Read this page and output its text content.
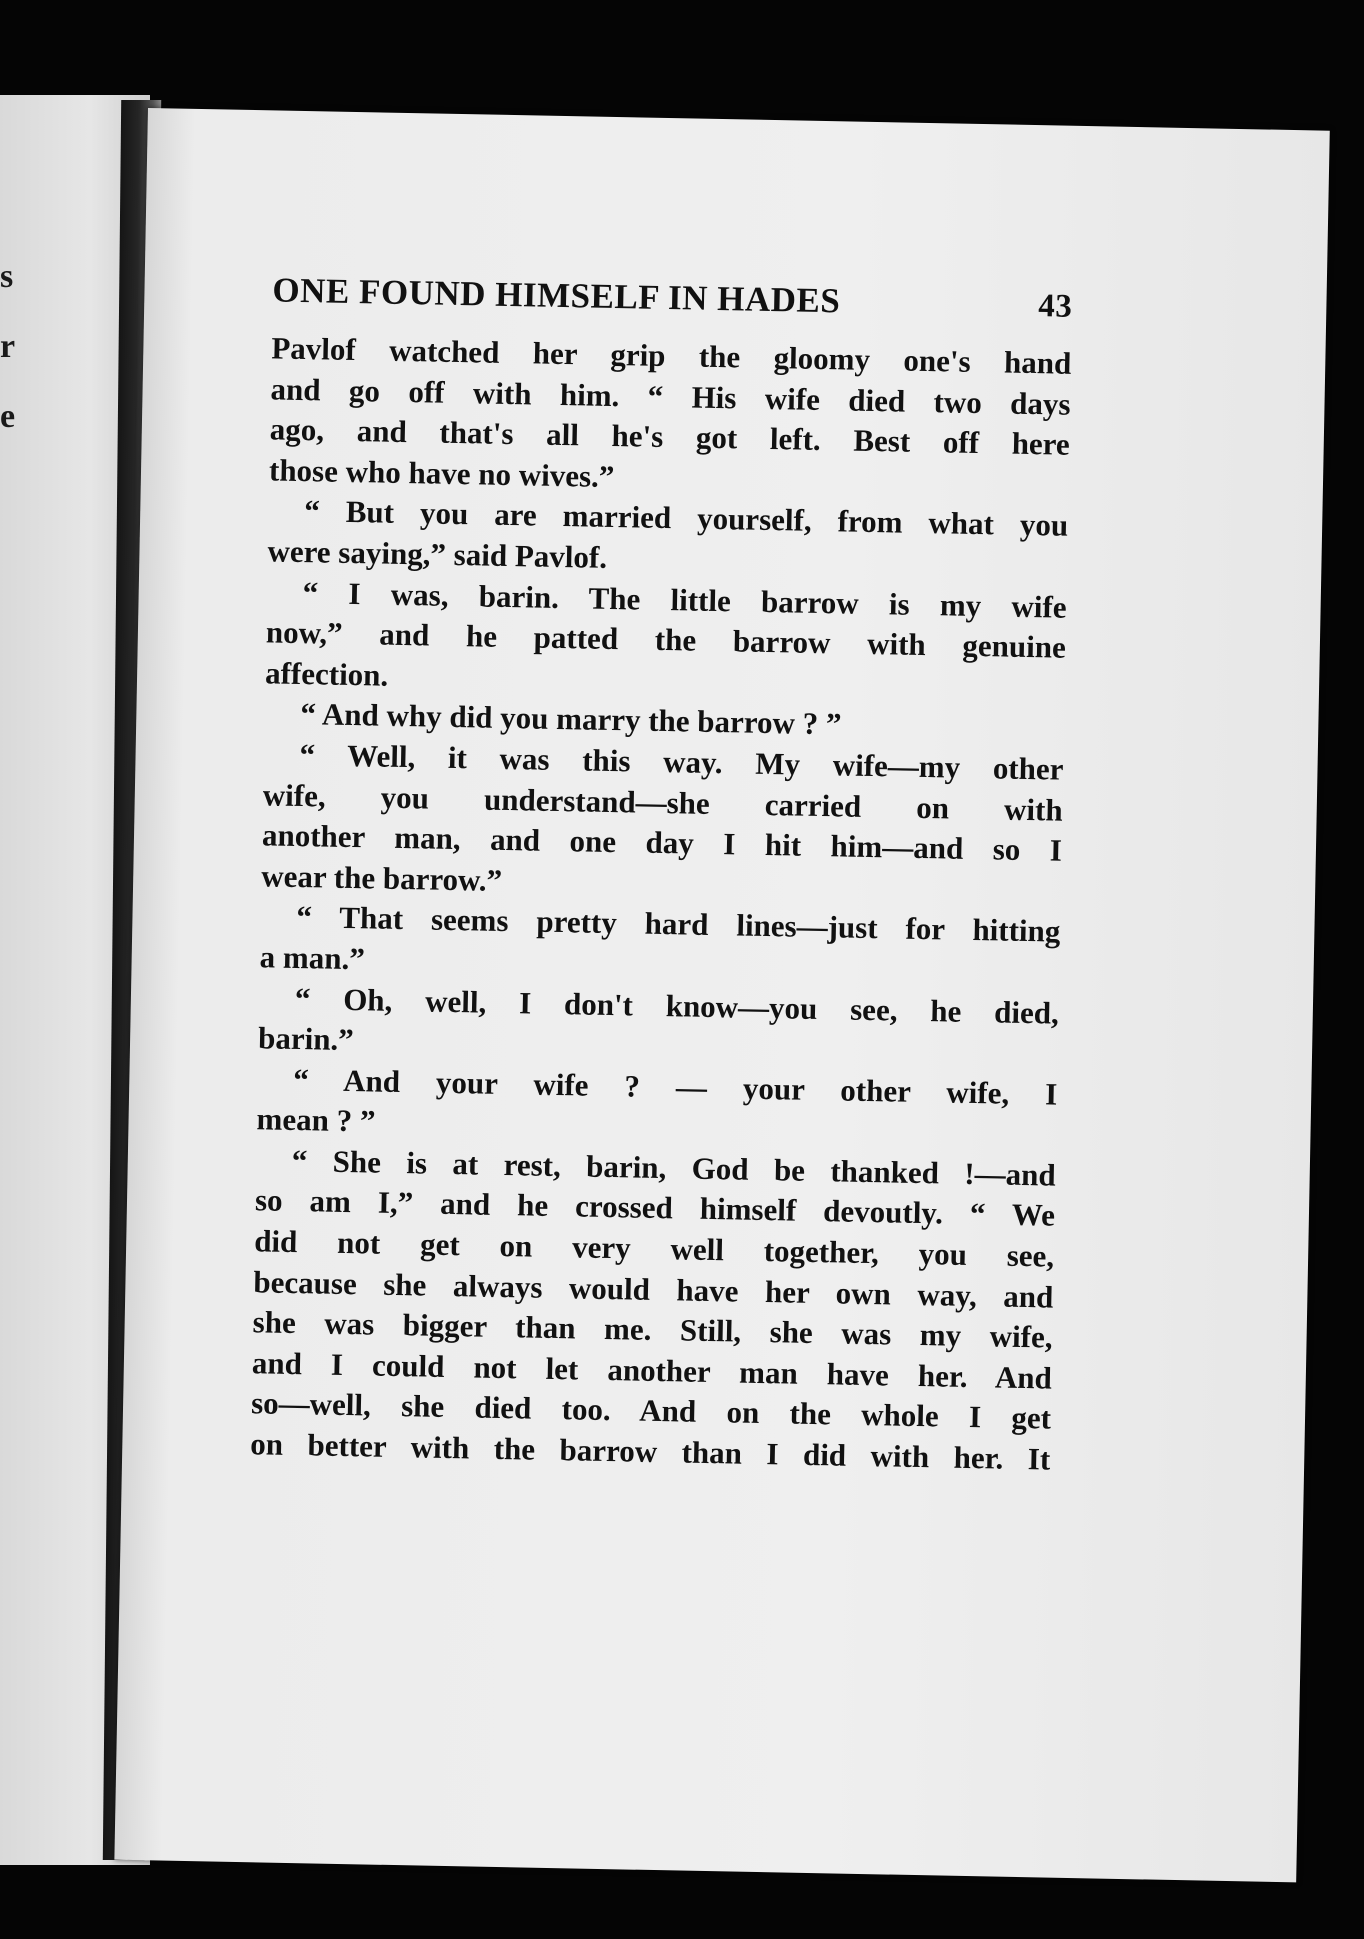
s
r
e
ONE FOUND HIMSELF IN HADES	43
Pavlof watched her grip the gloomy one's hand
and go off with him. “ His wife died two days
ago, and that's all he's got left. Best off here
those who have no wives.”
“ But you are married yourself, from what you
were saying,” said Pavlof.
“ I was, barin. The little barrow is my wife
now,” and he patted the barrow with genuine
affection.
“ And why did you marry the barrow ? ”
“ Well, it was this way. My wife—my other
wife, you understand—she carried on with
another man, and one day I hit him—and so I
wear the barrow.”
“ That seems pretty hard lines—just for hitting
a man.”
“ Oh, well, I don't know—you see, he died,
barin.”
“ And your wife ? — your other wife, I
mean ? ”
“ She is at rest, barin, God be thanked !—and
so am I,” and he crossed himself devoutly. “ We
did not get on very well together, you see,
because she always would have her own way, and
she was bigger than me. Still, she was my wife,
and I could not let another man have her. And
so—well, she died too. And on the whole I get
on better with the barrow than I did with her. It
